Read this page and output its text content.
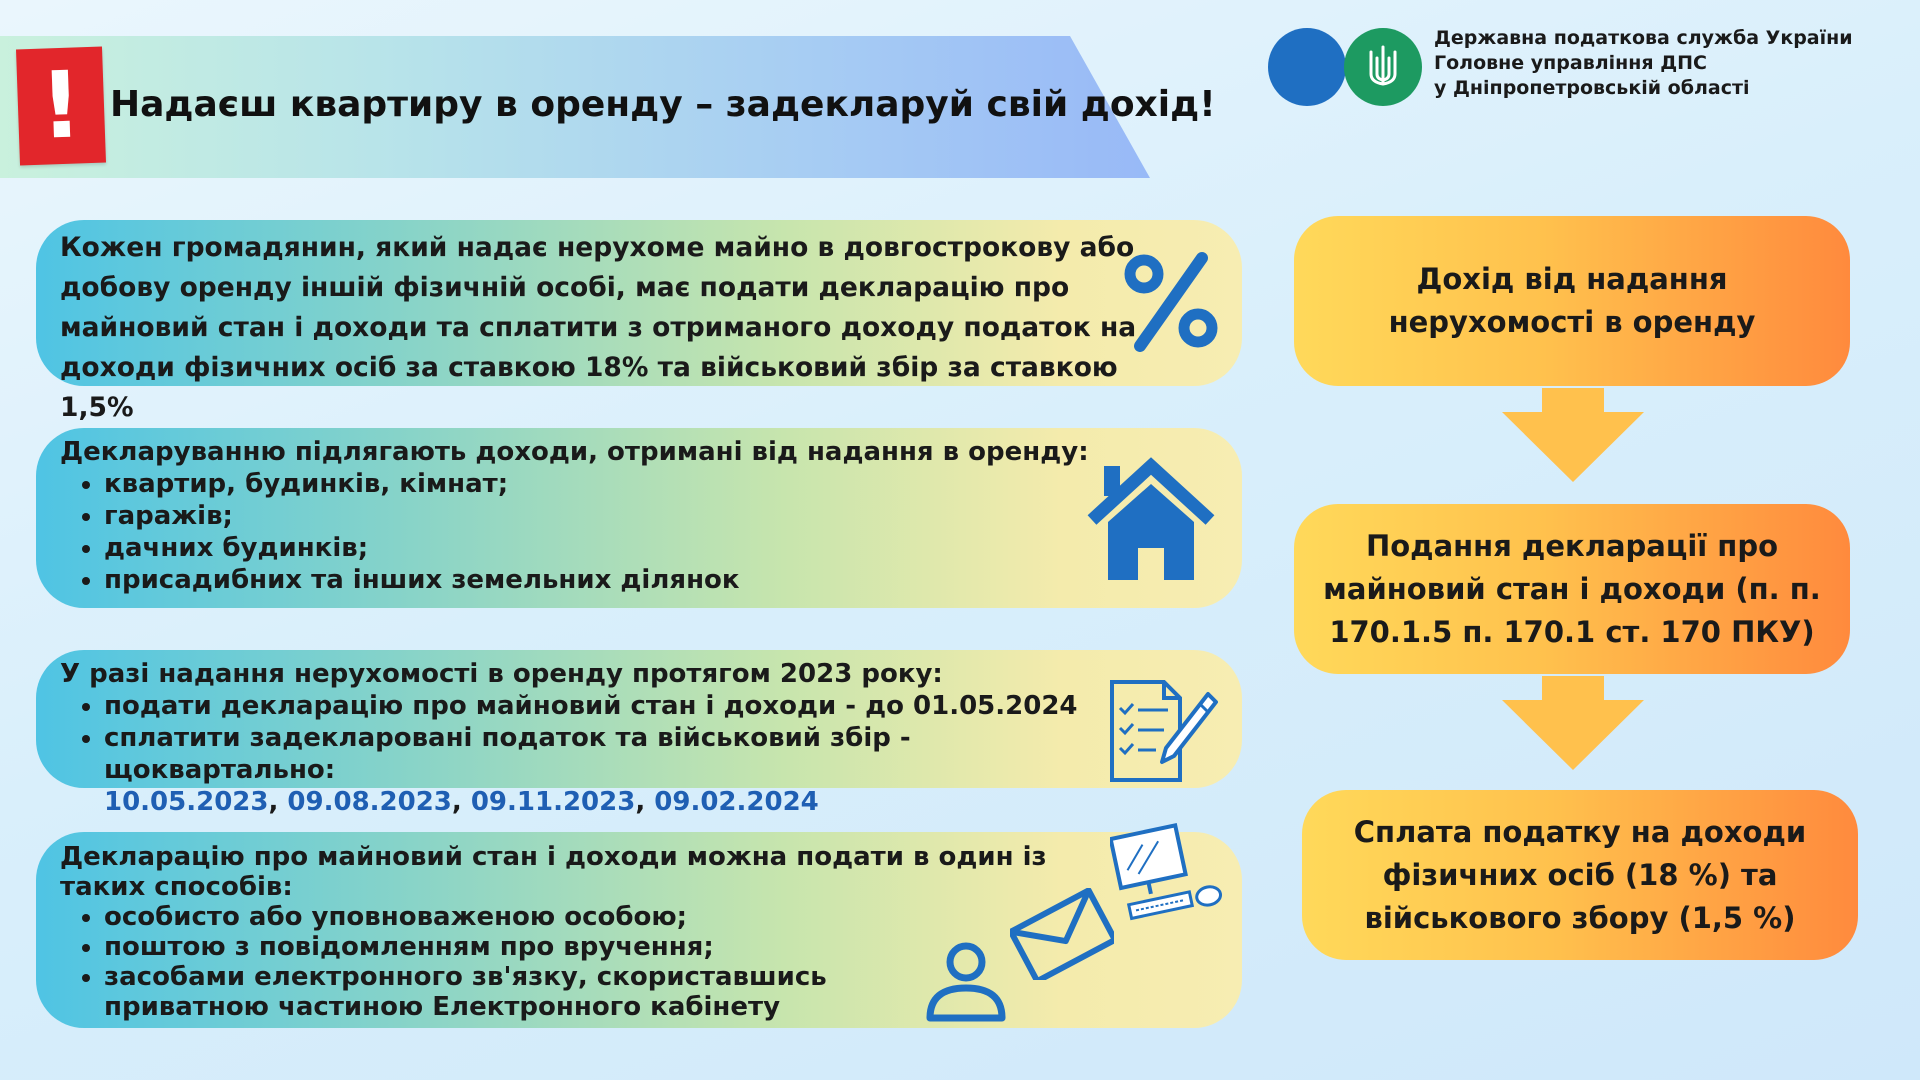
! Надаєш квартиру в оренду – задекларуй свій дохід!
Державна податкова служба України
Головне управління ДПС
у Дніпропетровській області
Кожен громадянин, який надає нерухоме майно в довгострокову або добову оренду іншій фізичній особі, має подати декларацію про майновий стан і доходи та сплатити з отриманого доходу податок на доходи фізичних осіб за ставкою 18% та військовий збір за ставкою 1,5%
Декларуванню підлягають доходи, отримані від надання в оренду:
• квартир, будинків, кімнат;
• гаражів;
• дачних будинків;
• присадибних та інших земельних ділянок
У разі надання нерухомості в оренду протягом 2023 року:
• подати декларацію про майновий стан і доходи - до 01.05.2024
• сплатити задекларовані податок та військовий збір - щоквартально:
10.05.2023, 09.08.2023, 09.11.2023, 09.02.2024
Декларацію про майновий стан і доходи можна подати в один із таких способів:
• особисто або уповноваженою особою;
• поштою з повідомленням про вручення;
• засобами електронного зв'язку, скориставшись приватною частиною Електронного кабінету
Дохід від надання нерухомості в оренду
Подання декларації про майновий стан і доходи (п. п. 170.1.5 п. 170.1 ст. 170 ПКУ)
Сплата податку на доходи фізичних осіб (18 %) та військового збору (1,5 %)
